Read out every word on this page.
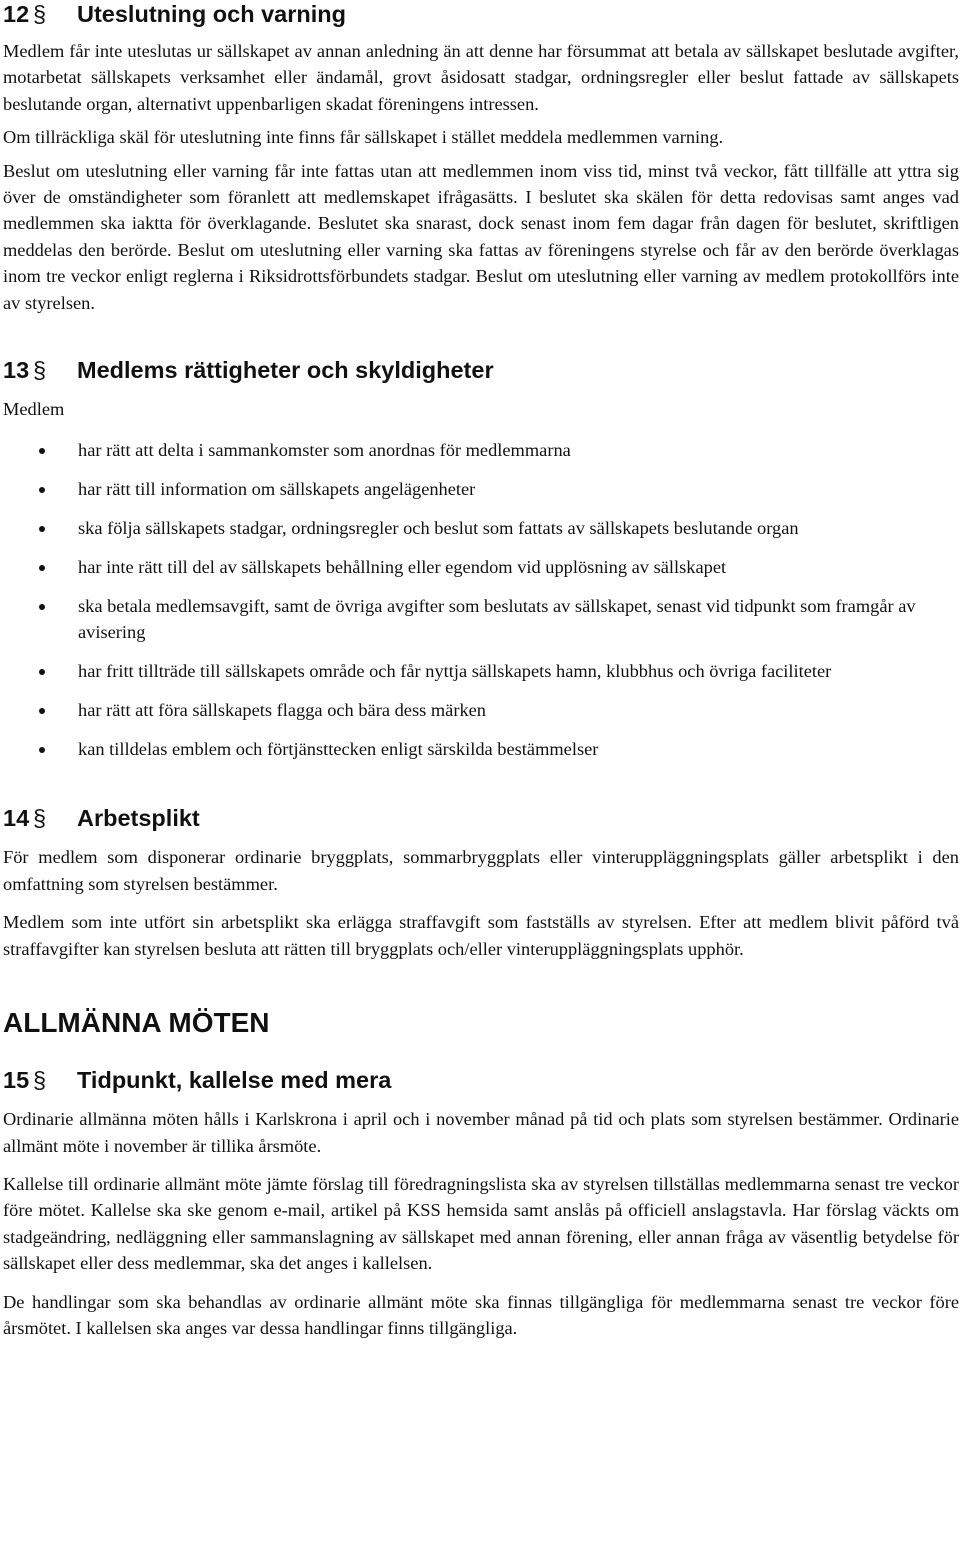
12 §	Uteslutning och varning

Medlem får inte uteslutas ur sällskapet av annan anledning än att denne har försummat att betala av sällskapet beslutade avgifter, motarbetat sällskapets verksamhet eller ändamål, grovt åsidosatt stadgar, ordningsregler eller beslut fattade av sällskapets beslutande organ, alternativt uppenbarligen skadat föreningens intressen.

Om tillräckliga skäl för uteslutning inte finns får sällskapet i stället meddela medlemmen varning.

Beslut om uteslutning eller varning får inte fattas utan att medlemmen inom viss tid, minst två veckor, fått tillfälle att yttra sig över de omständigheter som föranlett att medlemskapet ifrågasätts. I beslutet ska skälen för detta redovisas samt anges vad medlemmen ska iaktta för överklagande. Beslutet ska snarast, dock senast inom fem dagar från dagen för beslutet, skriftligen meddelas den berörde. Beslut om uteslutning eller varning ska fattas av föreningens styrelse och får av den berörde överklagas inom tre veckor enligt reglerna i Riksidrottsförbundets stadgar. Beslut om uteslutning eller varning av medlem protokollförs inte av styrelsen.

13 §	Medlems rättigheter och skyldigheter

Medlem

har rätt att delta i sammankomster som anordnas för medlemmarna
har rätt till information om sällskapets angelägenheter
ska följa sällskapets stadgar, ordningsregler och beslut som fattats av sällskapets beslutande organ
har inte rätt till del av sällskapets behållning eller egendom vid upplösning av sällskapet
ska betala medlemsavgift, samt de övriga avgifter som beslutats av sällskapet, senast vid tidpunkt som framgår av avisering
har fritt tillträde till sällskapets område och får nyttja sällskapets hamn, klubbhus och övriga faciliteter
har rätt att föra sällskapets flagga och bära dess märken
kan tilldelas emblem och förtjänsttecken enligt särskilda bestämmelser
14 §	Arbetsplikt

För medlem som disponerar ordinarie bryggplats, sommarbryggplats eller vinteruppläggningsplats gäller arbetsplikt i den omfattning som styrelsen bestämmer.

Medlem som inte utfört sin arbetsplikt ska erlägga straffavgift som fastställs av styrelsen. Efter att medlem blivit påförd två straffavgifter kan styrelsen besluta att rätten till bryggplats och/eller vinteruppläggningsplats upphör.

ALLMÄNNA MÖTEN
15 §	Tidpunkt, kallelse med mera

Ordinarie allmänna möten hålls i Karlskrona i april och i november månad på tid och plats som styrelsen bestämmer. Ordinarie allmänt möte i november är tillika årsmöte.

Kallelse till ordinarie allmänt möte jämte förslag till föredragningslista ska av styrelsen tillställas medlemmarna senast tre veckor före mötet. Kallelse ska ske genom e-mail, artikel på KSS hemsida samt anslås på officiell anslagstavla. Har förslag väckts om stadgeändring, nedläggning eller sammanslagning av sällskapet med annan förening, eller annan fråga av väsentlig betydelse för sällskapet eller dess medlemmar, ska det anges i kallelsen.

De handlingar som ska behandlas av ordinarie allmänt möte ska finnas tillgängliga för medlemmarna senast tre veckor före årsmötet. I kallelsen ska anges var dessa handlingar finns tillgängliga.
